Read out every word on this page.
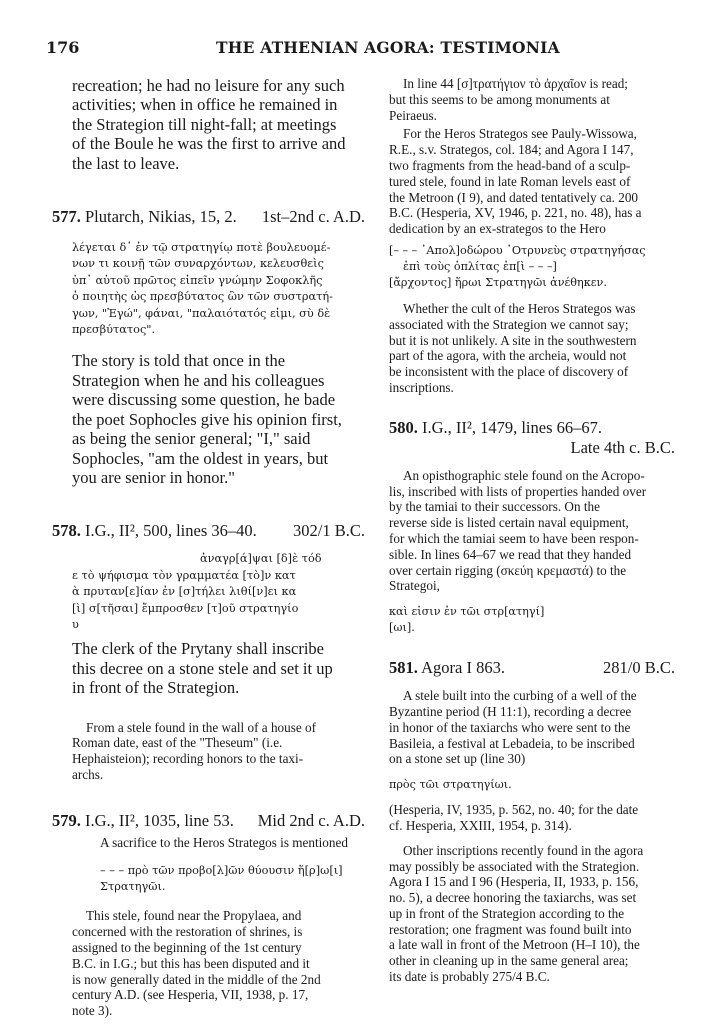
176	THE ATHENIAN AGORA: TESTIMONIA
recreation; he had no leisure for any such
activities; when in office he remained in
the Strategion till night-fall; at meetings
of the Boule he was the first to arrive and
the last to leave.
577. Plutarch, Nikias, 15, 2. 1st–2nd c. A.D.
λέγεται δ᾽ ἐν τῷ στρατηγίῳ ποτὲ βουλευομέ-
νων τι κοινῇ τῶν συναρχόντων, κελευσθεὶς
ὑπ᾽ αὐτοῦ πρῶτος εἰπεῖν γνώμην Σοφοκλῆς
ὁ ποιητὴς ὡς πρεσβύτατος ὢν τῶν συστρατή-
γων, "Ἐγώ", φάναι, "παλαιότατός εἰμι, σὺ δὲ
πρεσβύτατος".
The story is told that once in the
Strategion when he and his colleagues
were discussing some question, he bade
the poet Sophocles give his opinion first,
as being the senior general; "I," said
Sophocles, "am the oldest in years, but
you are senior in honor."
578. I.G., II², 500, lines 36–40. 302/1 B.C.
ἀναγρ[ά]ψαι [δ]ὲ τόδ
ε τὸ ψήφισμα τὸν γραμματέα [τὸ]ν κατ
ὰ πρυταν[ε]ίαν ἐν [σ]τήλει λιθί[ν]ει κα
[ὶ] σ[τῆσαι] ἔμπροσθεν [τ]οῦ στρατηγίο
υ
The clerk of the Prytany shall inscribe
this decree on a stone stele and set it up
in front of the Strategion.
From a stele found in the wall of a house of
Roman date, east of the "Theseum" (i.e.
Hephaisteion); recording honors to the taxi-
archs.
579. I.G., II², 1035, line 53. Mid 2nd c. A.D.
A sacrifice to the Heros Strategos is mentioned
– – – πρὸ τῶν προβο[λ]ῶν θύουσιν ἥ[ρ]ω[ι]
Στρατηγῶι.
This stele, found near the Propylaea, and
concerned with the restoration of shrines, is
assigned to the beginning of the 1st century
B.C. in I.G.; but this has been disputed and it
is now generally dated in the middle of the 2nd
century A.D. (see Hesperia, VII, 1938, p. 17,
note 3).
In line 44 [σ]τρατήγιον τὸ ἀρχαῖον is read;
but this seems to be among monuments at
Peiraeus.
For the Heros Strategos see Pauly-Wissowa,
R.E., s.v. Strategos, col. 184; and Agora I 147,
two fragments from the head-band of a sculp-
tured stele, found in late Roman levels east of
the Metroon (I 9), and dated tentatively ca. 200
B.C. (Hesperia, XV, 1946, p. 221, no. 48), has a
dedication by an ex-strategos to the Hero
[– – – ᾽Απολ]οδώρου ᾽Οτρυνεὺς στρατηγήσας
ἐπὶ τοὺς ὁπλίτας ἐπ[ὶ – – –]
[ἄρχοντος] ἥρωι Στρατηγῶι ἀνέθηκεν.
Whether the cult of the Heros Strategos was
associated with the Strategion we cannot say;
but it is not unlikely. A site in the southwestern
part of the agora, with the archeia, would not
be inconsistent with the place of discovery of
inscriptions.
580. I.G., II², 1479, lines 66–67.
Late 4th c. B.C.
An opisthographic stele found on the Acropo-
lis, inscribed with lists of properties handed over
by the tamiai to their successors. On the
reverse side is listed certain naval equipment,
for which the tamiai seem to have been respon-
sible. In lines 64–67 we read that they handed
over certain rigging (σκεύη κρεμαστά) to the
Strategoi,
καὶ εἰσιν ἐν τῶι στρ[ατηγί]
[ωι].
581. Agora I 863.	281/0 B.C.
A stele built into the curbing of a well of the
Byzantine period (H 11:1), recording a decree
in honor of the taxiarchs who were sent to the
Basileia, a festival at Lebadeia, to be inscribed
on a stone set up (line 30)
πρὸς τῶι στρατηγίωι.
(Hesperia, IV, 1935, p. 562, no. 40; for the date
cf. Hesperia, XXIII, 1954, p. 314).
Other inscriptions recently found in the agora
may possibly be associated with the Strategion.
Agora I 15 and I 96 (Hesperia, II, 1933, p. 156,
no. 5), a decree honoring the taxiarchs, was set
up in front of the Strategion according to the
restoration; one fragment was found built into
a late wall in front of the Metroon (H–I 10), the
other in cleaning up in the same general area;
its date is probably 275/4 B.C.
